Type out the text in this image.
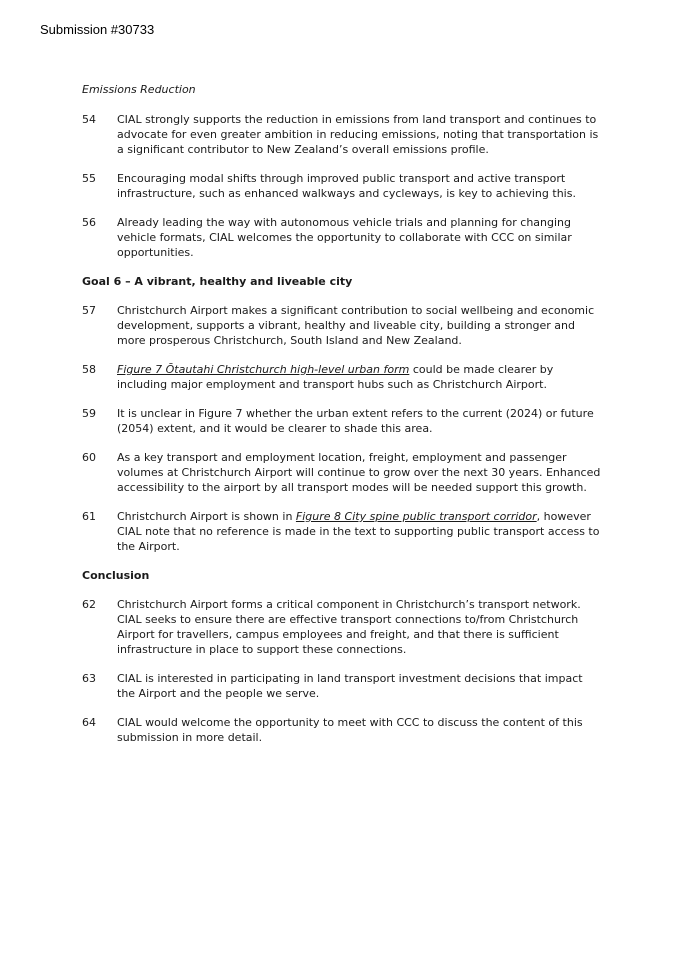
Submission #30733
Emissions Reduction
54	CIAL strongly supports the reduction in emissions from land transport and continues to advocate for even greater ambition in reducing emissions, noting that transportation is a significant contributor to New Zealand’s overall emissions profile.
55	Encouraging modal shifts through improved public transport and active transport infrastructure, such as enhanced walkways and cycleways, is key to achieving this.
56	Already leading the way with autonomous vehicle trials and planning for changing vehicle formats, CIAL welcomes the opportunity to collaborate with CCC on similar opportunities.
Goal 6 – A vibrant, healthy and liveable city
57	Christchurch Airport makes a significant contribution to social wellbeing and economic development, supports a vibrant, healthy and liveable city, building a stronger and more prosperous Christchurch, South Island and New Zealand.
58	Figure 7 Ōtautahi Christchurch high-level urban form could be made clearer by including major employment and transport hubs such as Christchurch Airport.
59	It is unclear in Figure 7 whether the urban extent refers to the current (2024) or future (2054) extent, and it would be clearer to shade this area.
60	As a key transport and employment location, freight, employment and passenger volumes at Christchurch Airport will continue to grow over the next 30 years. Enhanced accessibility to the airport by all transport modes will be needed support this growth.
61	Christchurch Airport is shown in Figure 8 City spine public transport corridor, however CIAL note that no reference is made in the text to supporting public transport access to the Airport.
Conclusion
62	Christchurch Airport forms a critical component in Christchurch’s transport network. CIAL seeks to ensure there are effective transport connections to/from Christchurch Airport for travellers, campus employees and freight, and that there is sufficient infrastructure in place to support these connections.
63	CIAL is interested in participating in land transport investment decisions that impact the Airport and the people we serve.
64	CIAL would welcome the opportunity to meet with CCC to discuss the content of this submission in more detail.
